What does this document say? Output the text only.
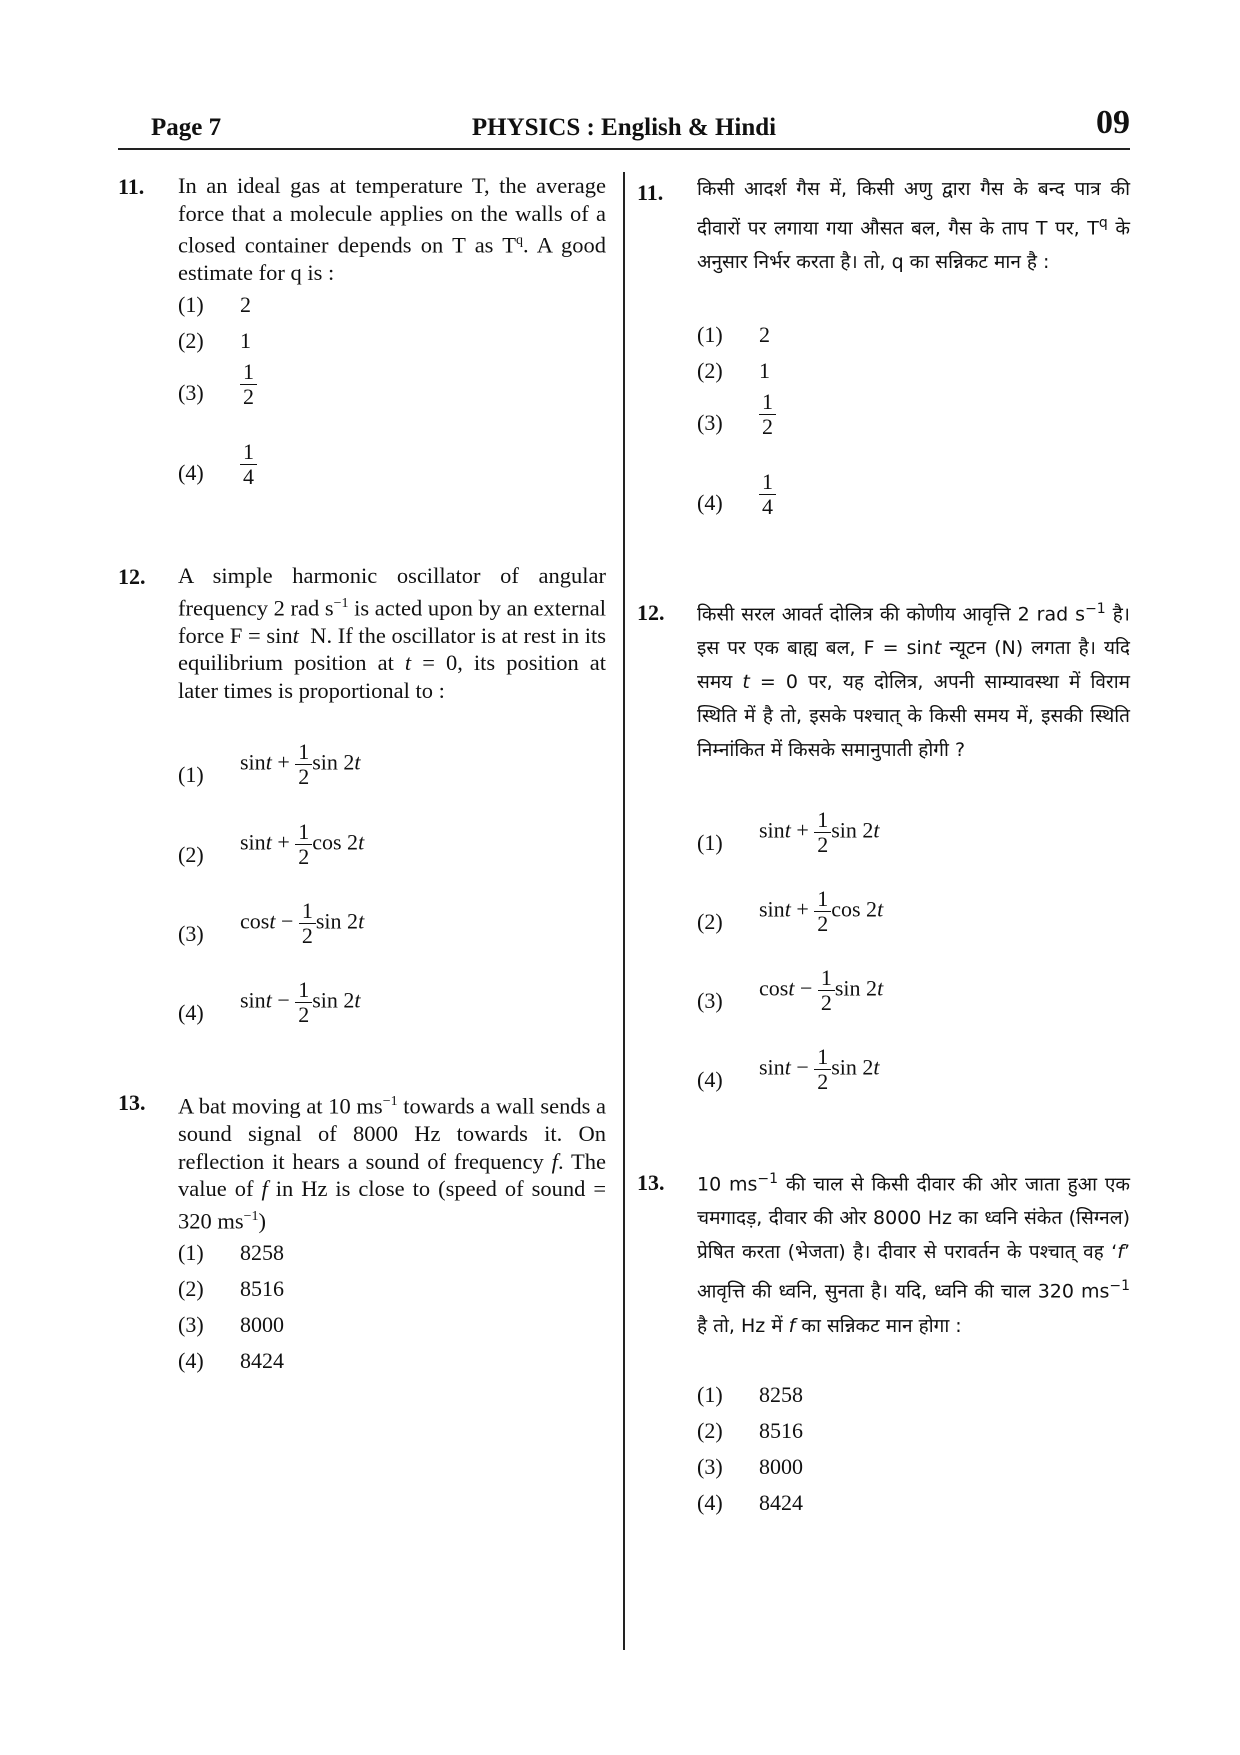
Page 7	PHYSICS : English & Hindi	09
11. In an ideal gas at temperature T, the average force that a molecule applies on the walls of a closed container depends on T as $T^q$. A good estimate for q is :
(1)	2
(2)	1
(3)	$\frac{1}{2}$
(4)	$\frac{1}{4}$
12. A simple harmonic oscillator of angular frequency 2 rad $s^{-1}$ is acted upon by an external force F = sint  N. If the oscillator is at rest in its equilibrium position at t = 0, its position at later times is proportional to :
(1)	$\sin t + \frac{1}{2}$ sin 2t
(2)	$\sin t + \frac{1}{2}$ cos 2t
(3)	$\cos t - \frac{1}{2}$ sin 2t
(4)	$\sin t - \frac{1}{2}$ sin 2t
13. A bat moving at 10 $ms^{-1}$ towards a wall sends a sound signal of 8000 Hz towards it. On reflection it hears a sound of frequency f. The value of f in Hz is close to (speed of sound = 320 $ms^{-1}$)
(1)	8258
(2)	8516
(3)	8000
(4)	8424
11. किसी आदर्श गैस में, किसी अणु द्वारा गैस के बन्द पात्र की दीवारों पर लगाया गया औसत बल, गैस के ताप T पर, $T^q$ के अनुसार निर्भर करता है। तो, q का सन्निकट मान है :
(1)	2
(2)	1
(3)	$\frac{1}{2}$
(4)	$\frac{1}{4}$
12. किसी सरल आवर्त दोलित्र की कोणीय आवृत्ति 2 rad $s^{-1}$ है। इस पर एक बाह्य बल, F = sint न्यूटन (N) लगता है। यदि समय t = 0 पर, यह दोलित्र, अपनी साम्यावस्था में विराम स्थिति में है तो, इसके पश्चात् के किसी समय में, इसकी स्थिति निम्नांकित में किसके समानुपाती होगी ?
(1)	$\sin t + \frac{1}{2}$ sin 2t
(2)	$\sin t + \frac{1}{2}$ cos 2t
(3)	$\cos t - \frac{1}{2}$ sin 2t
(4)	$\sin t - \frac{1}{2}$ sin 2t
13. 10 $ms^{-1}$ की चाल से किसी दीवार की ओर जाता हुआ एक चमगादड़, दीवार की ओर 8000 Hz का ध्वनि संकेत (सिग्नल) प्रेषित करता (भेजता) है। दीवार से परावर्तन के पश्चात् वह ‘f’ आवृत्ति की ध्वनि, सुनता है। यदि, ध्वनि की चाल 320 $ms^{-1}$ है तो, Hz में f का सन्निकट मान होगा :
(1)	8258
(2)	8516
(3)	8000
(4)	8424
